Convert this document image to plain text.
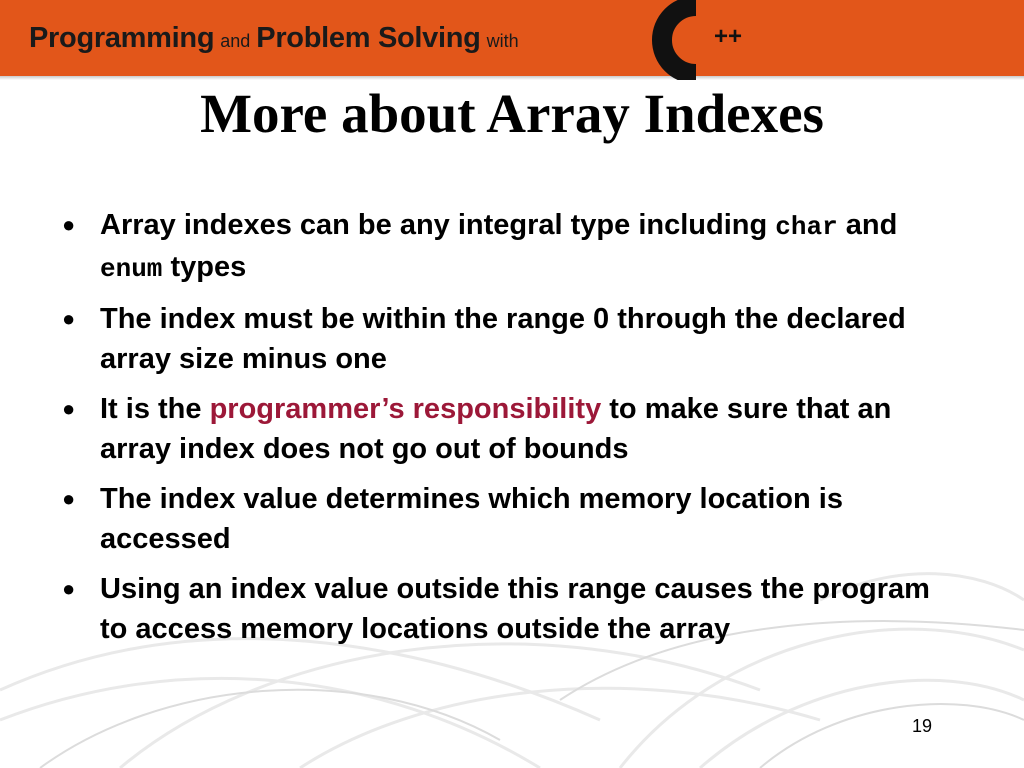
Programming and Problem Solving with	++
More about Array Indexes
● Array indexes can be any integral type including char and enum types
● The index must be within the range 0 through the declared array size minus one
● It is the programmer’s responsibility to make sure that an array index does not go out of bounds
● The index value determines which memory location is accessed
● Using an index value outside this range causes the program to access memory locations outside the array
19
